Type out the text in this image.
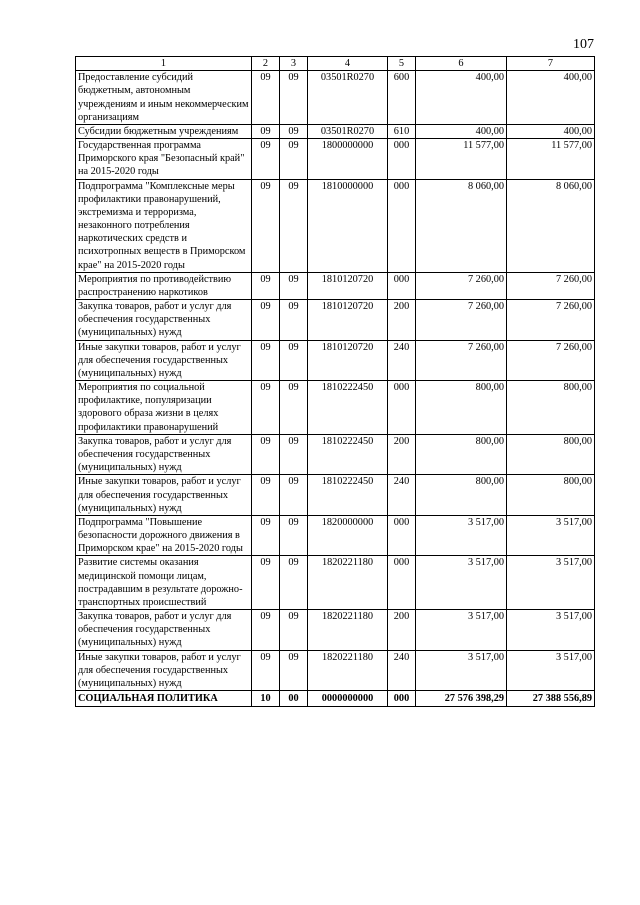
107
1	2	3	4	5	6	7
Предоставление субсидий бюджетным, автономным учреждениям и иным некоммерческим организациям	09	09	03501R0270	600	400,00	400,00
Субсидии бюджетным учреждениям	09	09	03501R0270	610	400,00	400,00
Государственная программа Приморского края "Безопасный край" на 2015-2020 годы	09	09	1800000000	000	11 577,00	11 577,00
Подпрограмма "Комплексные меры профилактики правонарушений, экстремизма и терроризма, незаконного потребления наркотических средств и психотропных веществ в Приморском крае" на 2015-2020 годы	09	09	1810000000	000	8 060,00	8 060,00
Мероприятия по противодействию распространению наркотиков	09	09	1810120720	000	7 260,00	7 260,00
Закупка товаров, работ и услуг для обеспечения государственных (муниципальных) нужд	09	09	1810120720	200	7 260,00	7 260,00
Иные закупки товаров, работ и услуг для обеспечения государственных (муниципальных) нужд	09	09	1810120720	240	7 260,00	7 260,00
Мероприятия по социальной профилактике, популяризации здорового образа жизни в целях профилактики правонарушений	09	09	1810222450	000	800,00	800,00
Закупка товаров, работ и услуг для обеспечения государственных (муниципальных) нужд	09	09	1810222450	200	800,00	800,00
Иные закупки товаров, работ и услуг для обеспечения государственных (муниципальных) нужд	09	09	1810222450	240	800,00	800,00
Подпрограмма "Повышение безопасности дорожного движения в Приморском крае" на 2015-2020 годы	09	09	1820000000	000	3 517,00	3 517,00
Развитие системы оказания медицинской помощи лицам, пострадавшим в результате дорожно-транспортных происшествий	09	09	1820221180	000	3 517,00	3 517,00
Закупка товаров, работ и услуг для обеспечения государственных (муниципальных) нужд	09	09	1820221180	200	3 517,00	3 517,00
Иные закупки товаров, работ и услуг для обеспечения государственных (муниципальных) нужд	09	09	1820221180	240	3 517,00	3 517,00
СОЦИАЛЬНАЯ ПОЛИТИКА	10	00	0000000000	000	27 576 398,29	27 388 556,89
